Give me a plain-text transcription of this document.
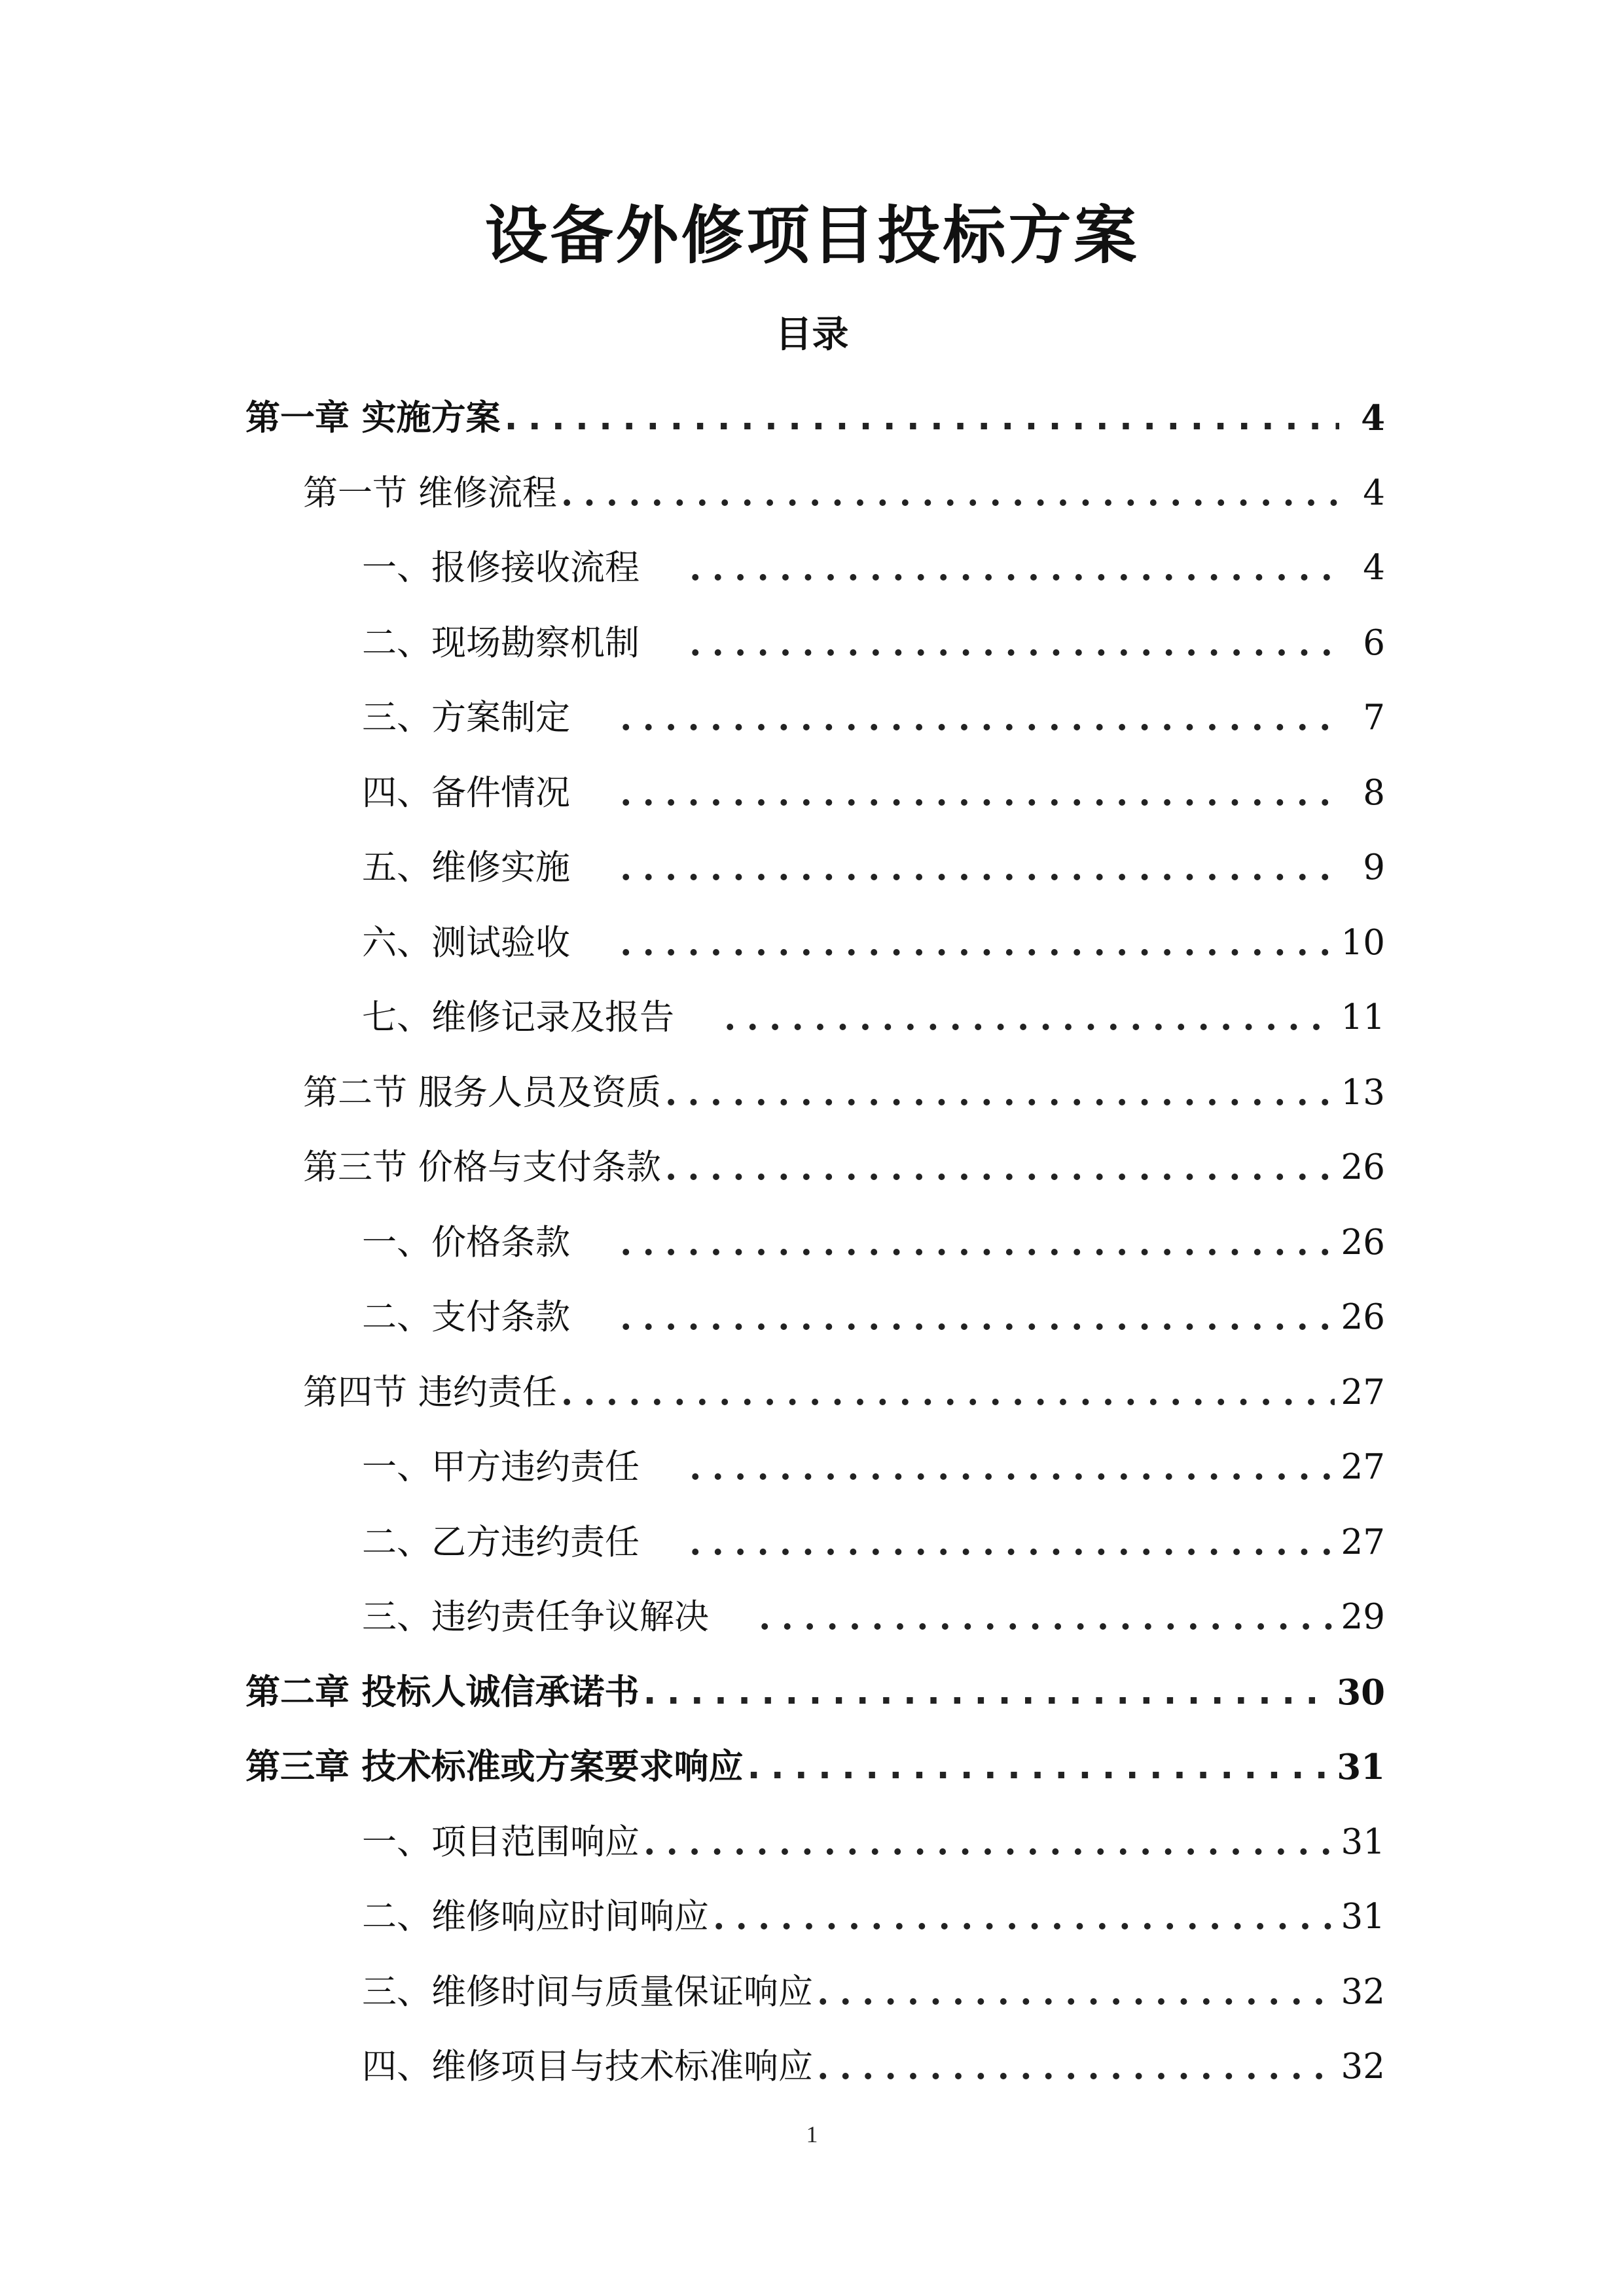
设备外修项目投标方案
目录
第一章 实施方案 .....	4
第一节 维修流程 .....	4
一、报修接收流程 .....	4
二、现场勘察机制 .....	6
三、方案制定 .....	7
四、备件情况 .....	8
五、维修实施 .....	9
六、测试验收 .....	10
七、维修记录及报告 .....	11
第二节 服务人员及资质 .....	13
第三节 价格与支付条款 .....	26
一、价格条款 .....	26
二、支付条款 .....	26
第四节 违约责任 .....	27
一、甲方违约责任 .....	27
二、乙方违约责任 .....	27
三、违约责任争议解决 .....	29
第二章 投标人诚信承诺书 .....	30
第三章 技术标准或方案要求响应 .....	31
一、项目范围响应 .....	31
二、维修响应时间响应 .....	31
三、维修时间与质量保证响应 .....	32
四、维修项目与技术标准响应 .....	32
1
